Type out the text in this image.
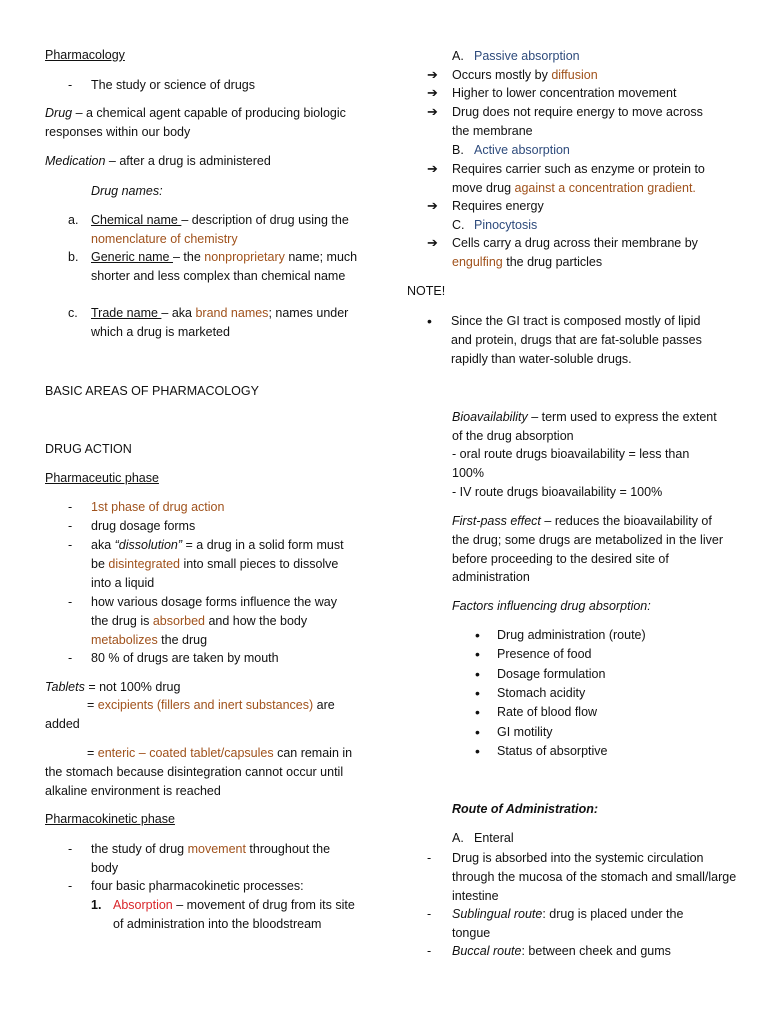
Pharmacology
-	The study or science of drugs
Drug – a chemical agent capable of producing biologic responses within our body
Medication – after a drug is administered
Drug names:
a. Chemical name – description of drug using the nomenclature of chemistry
b. Generic name – the nonproprietary name; much shorter and less complex than chemical name
c. Trade name – aka brand names; names under which a drug is marketed
BASIC AREAS OF PHARMACOLOGY
DRUG ACTION
Pharmaceutic phase
-	1st phase of drug action
-	drug dosage forms
-	aka “dissolution” = a drug in a solid form must be disintegrated into small pieces to dissolve into a liquid
-	how various dosage forms influence the way the drug is absorbed and how the body metabolizes the drug
-	80 % of drugs are taken by mouth
Tablets = not 100% drug
= excipients (fillers and inert substances) are added
= enteric – coated tablet/capsules can remain in the stomach because disintegration cannot occur until alkaline environment is reached
Pharmacokinetic phase
-	the study of drug movement throughout the body
-	four basic pharmacokinetic processes:
1. Absorption – movement of drug from its site of administration into the bloodstream
A. Passive absorption
➔ Occurs mostly by diffusion
➔ Higher to lower concentration movement
➔ Drug does not require energy to move across the membrane
B. Active absorption
➔ Requires carrier such as enzyme or protein to move drug against a concentration gradient.
➔ Requires energy
C. Pinocytosis
➔ Cells carry a drug across their membrane by engulfing the drug particles
NOTE!
• Since the GI tract is composed mostly of lipid and protein, drugs that are fat-soluble passes rapidly than water-soluble drugs.
Bioavailability – term used to express the extent of the drug absorption
- oral route drugs bioavailability = less than 100%
- IV route drugs bioavailability = 100%
First-pass effect – reduces the bioavailability of the drug; some drugs are metabolized in the liver before proceeding to the desired site of administration
Factors influencing drug absorption:
• Drug administration (route)
• Presence of food
• Dosage formulation
• Stomach acidity
• Rate of blood flow
• GI motility
• Status of absorptive
Route of Administration:
A. Enteral
-	Drug is absorbed into the systemic circulation through the mucosa of the stomach and small/large intestine
-	Sublingual route: drug is placed under the tongue
-	Buccal route: between cheek and gums
